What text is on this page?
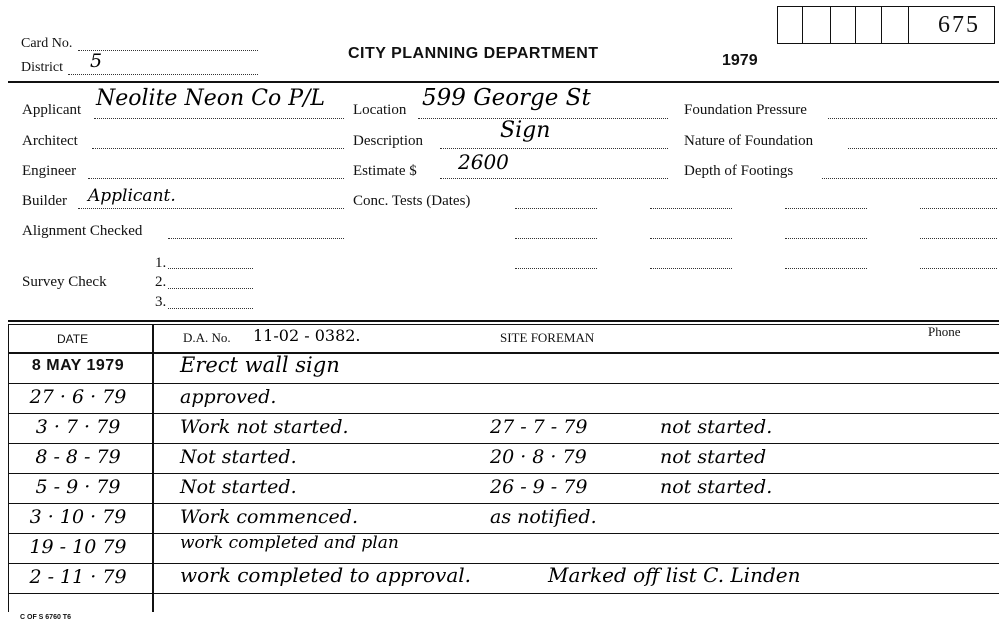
Card No.
District 5	CITY PLANNING DEPARTMENT	1979
675
Applicant Neolite Neon Co P/L
Architect
Engineer
Builder Applicant.
Alignment Checked
Survey Check
1.
2.
3.
Location 599 George St
Description	Sign
Estimate $ 2600
Conc. Tests (Dates)
Foundation Pressure
Nature of Foundation
Depth of Footings
DATE	D.A. No. 11-02 - 0382.	SITE FOREMAN	Phone
8 MAY 1979	Erect wall sign
27 · 6 · 79	approved.
3 · 7 · 79	Work not started.	27 - 7 - 79	not started.
8 - 8 - 79	Not started.	20 · 8 · 79	not started
5 - 9 · 79	Not started.	26 - 9 - 79	not started.
3 · 10 · 79	Work commenced.	as notified.
19 - 10 79	work completed and plan
2 - 11 · 79	work completed to approval.	Marked off list C. Linden
C OF S 6760 T6
